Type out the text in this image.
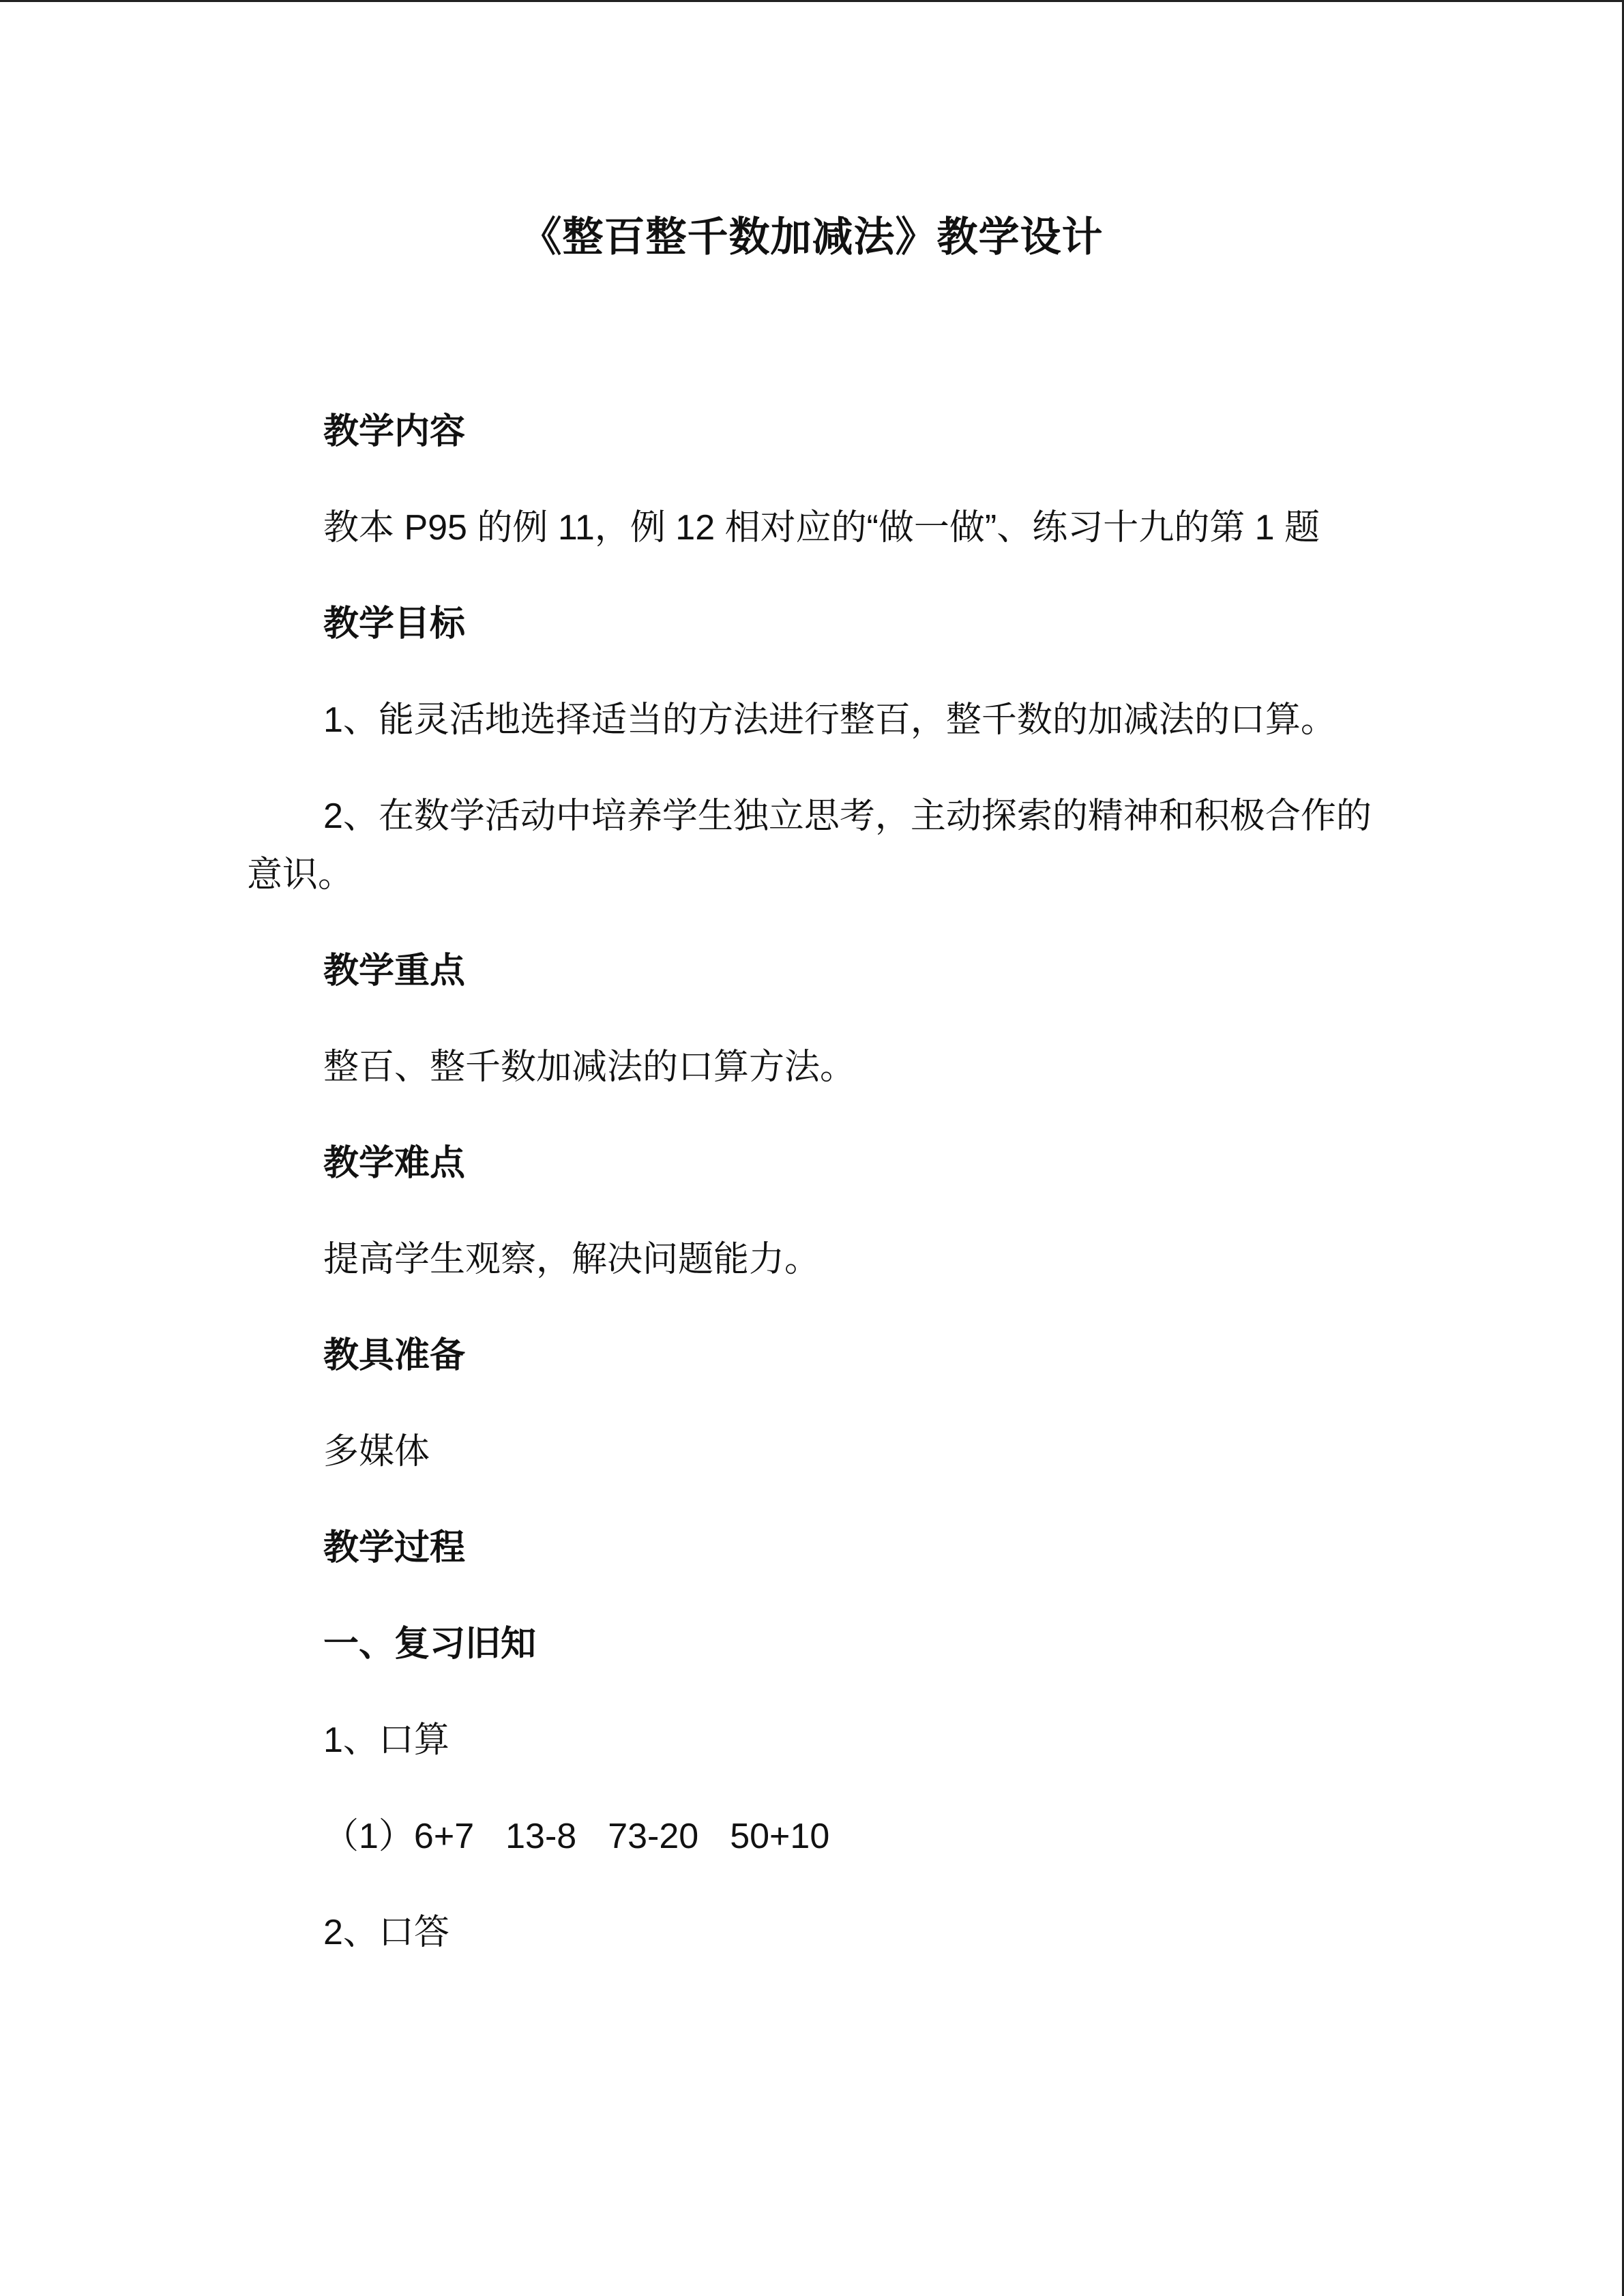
《整百整千数加减法》教学设计
教学内容
教本 P95 的例 11，例 12 相对应的“做一做”、练习十九的第 1 题
教学目标
1、能灵活地选择适当的方法进行整百，整千数的加减法的口算。
2、在数学活动中培养学生独立思考，主动探索的精神和积极合作的意识。
教学重点
整百、整千数加减法的口算方法。
教学难点
提高学生观察，解决问题能力。
教具准备
多媒体
教学过程
一、复习旧知
1、口算
（1）6+7 13-8 73-20 50+10
2、口答
